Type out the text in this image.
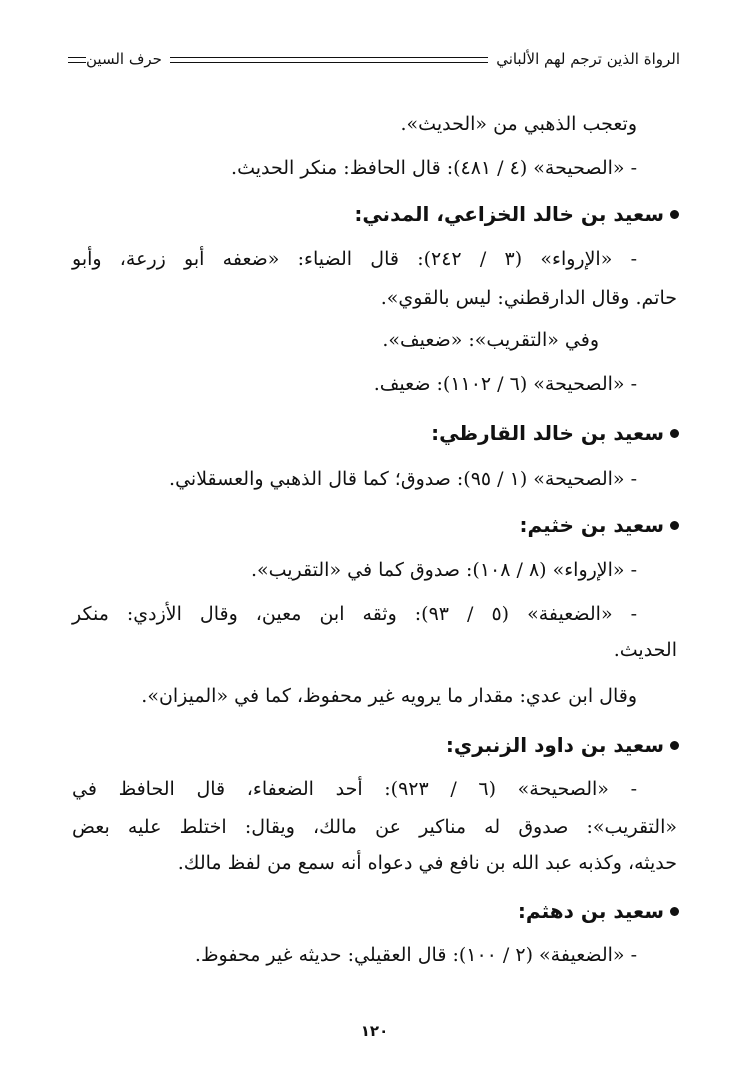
الرواة الذين ترجم لهم الألباني
حرف السين
وتعجب الذهبي من «الحديث».
- «الصحيحة» (٤ / ٤٨١): قال الحافظ: منكر الحديث.
سعيد بن خالد الخزاعي، المدني:
- «الإرواء» (٣ / ٢٤٢): قال الضياء: «ضعفه أبو زرعة، وأبو
حاتم. وقال الدارقطني: ليس بالقوي».
وفي «التقريب»: «ضعيف».
- «الصحيحة» (٦ / ١١٠٢): ضعيف.
سعيد بن خالد القارظي:
- «الصحيحة» (١ / ٩٥): صدوق؛ كما قال الذهبي والعسقلاني.
سعيد بن خثيم:
- «الإرواء» (٨ / ١٠٨): صدوق كما في «التقريب».
- «الضعيفة» (٥ / ٩٣): وثقه ابن معين، وقال الأزدي: منكر
الحديث.
وقال ابن عدي: مقدار ما يرويه غير محفوظ، كما في «الميزان».
سعيد بن داود الزنبري:
- «الصحيحة» (٦ / ٩٢٣): أحد الضعفاء، قال الحافظ في
«التقريب»: صدوق له مناكير عن مالك، ويقال: اختلط عليه بعض
حديثه، وكذبه عبد الله بن نافع في دعواه أنه سمع من لفظ مالك.
سعيد بن دهثم:
- «الضعيفة» (٢ / ١٠٠): قال العقيلي: حديثه غير محفوظ.
١٢٠
